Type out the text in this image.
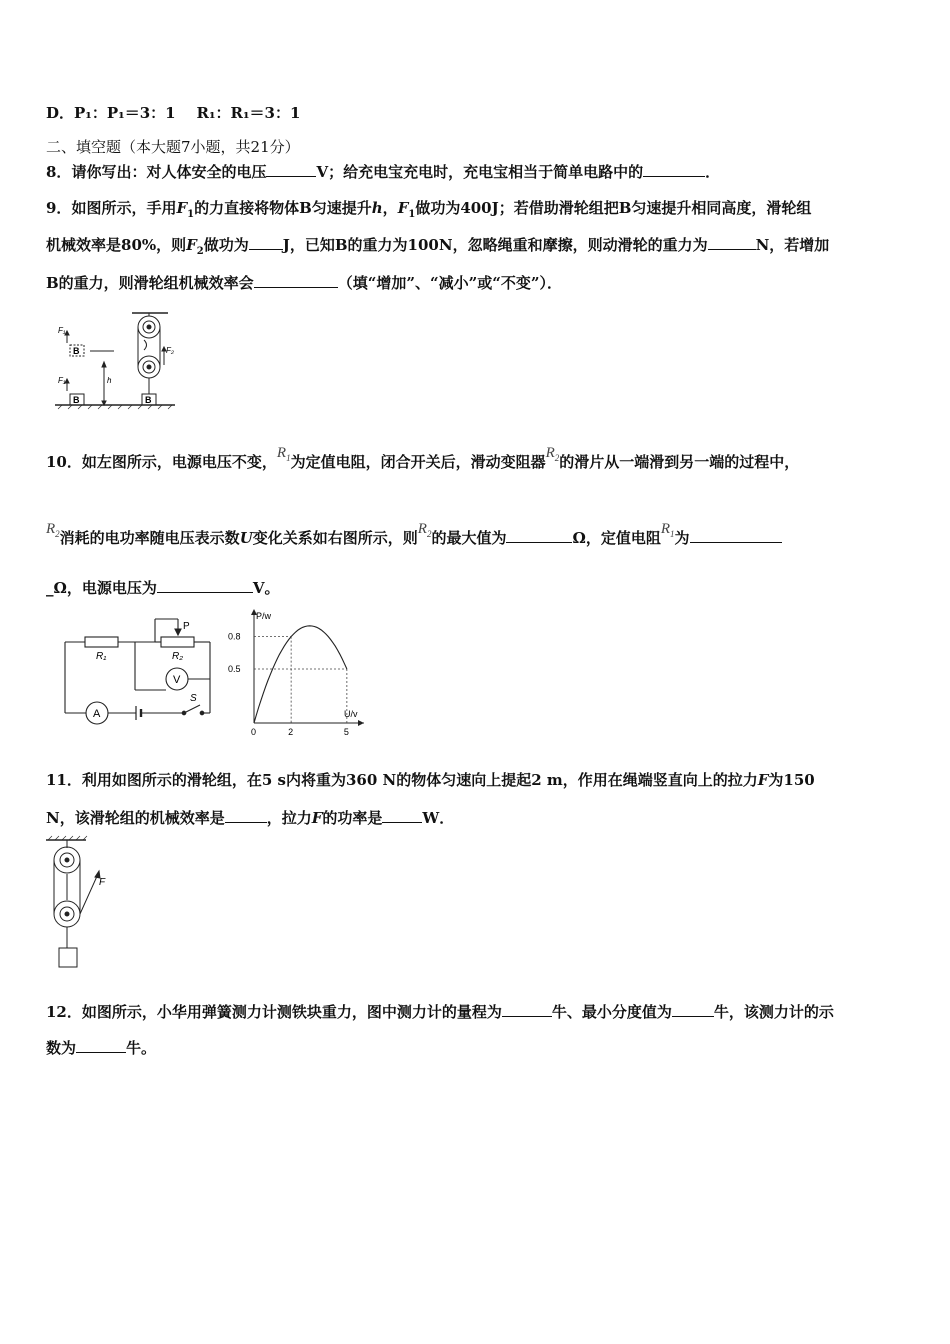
D．P₁：P₁＝3：1 R₁：R₁＝3：1
二、填空题（本大题7小题，共21分）
8．请你写出：对人体安全的电压	V；给充电宝充电时，充电宝相当于简单电路中的	．
9．如图所示，手用$F_1$的力直接将物体B匀速提升h，$F_1$做功为400J；若借助滑轮组把B匀速提升相同高度，滑轮组
机械效率是80%，则$F_2$做功为 J，已知B的重力为100N，忽略绳重和摩擦，则动滑轮的重力为	N，若增加
B的重力，则滑轮组机械效率会	（填“增加”、“减小”或“不变”）．
F₁
F₁
B
B	B
h
F₂
10．如左图所示，电源电压不变，$R_1$为定值电阻，闭合开关后，滑动变阻器$R_2$的滑片从一端滑到另一端的过程中，
$R_2$消耗的电功率随电压表示数U变化关系如右图所示，则$R_2$的最大值为	Ω，定值电阻$R_1$为
_Ω，电源电压为	V。
R₁	R₂
P
V
A
S
P/w
U/v
0.8
0.5
0	2	5
11．利用如图所示的滑轮组，在5 s内将重为360 N的物体匀速向上提起2 m，作用在绳端竖直向上的拉力F为150
N，该滑轮组的机械效率是	，拉力F的功率是	W．
F
12．如图所示，小华用弹簧测力计测铁块重力，图中测力计的量程为	牛、最小分度值为	牛，该测力计的示
数为	牛。
